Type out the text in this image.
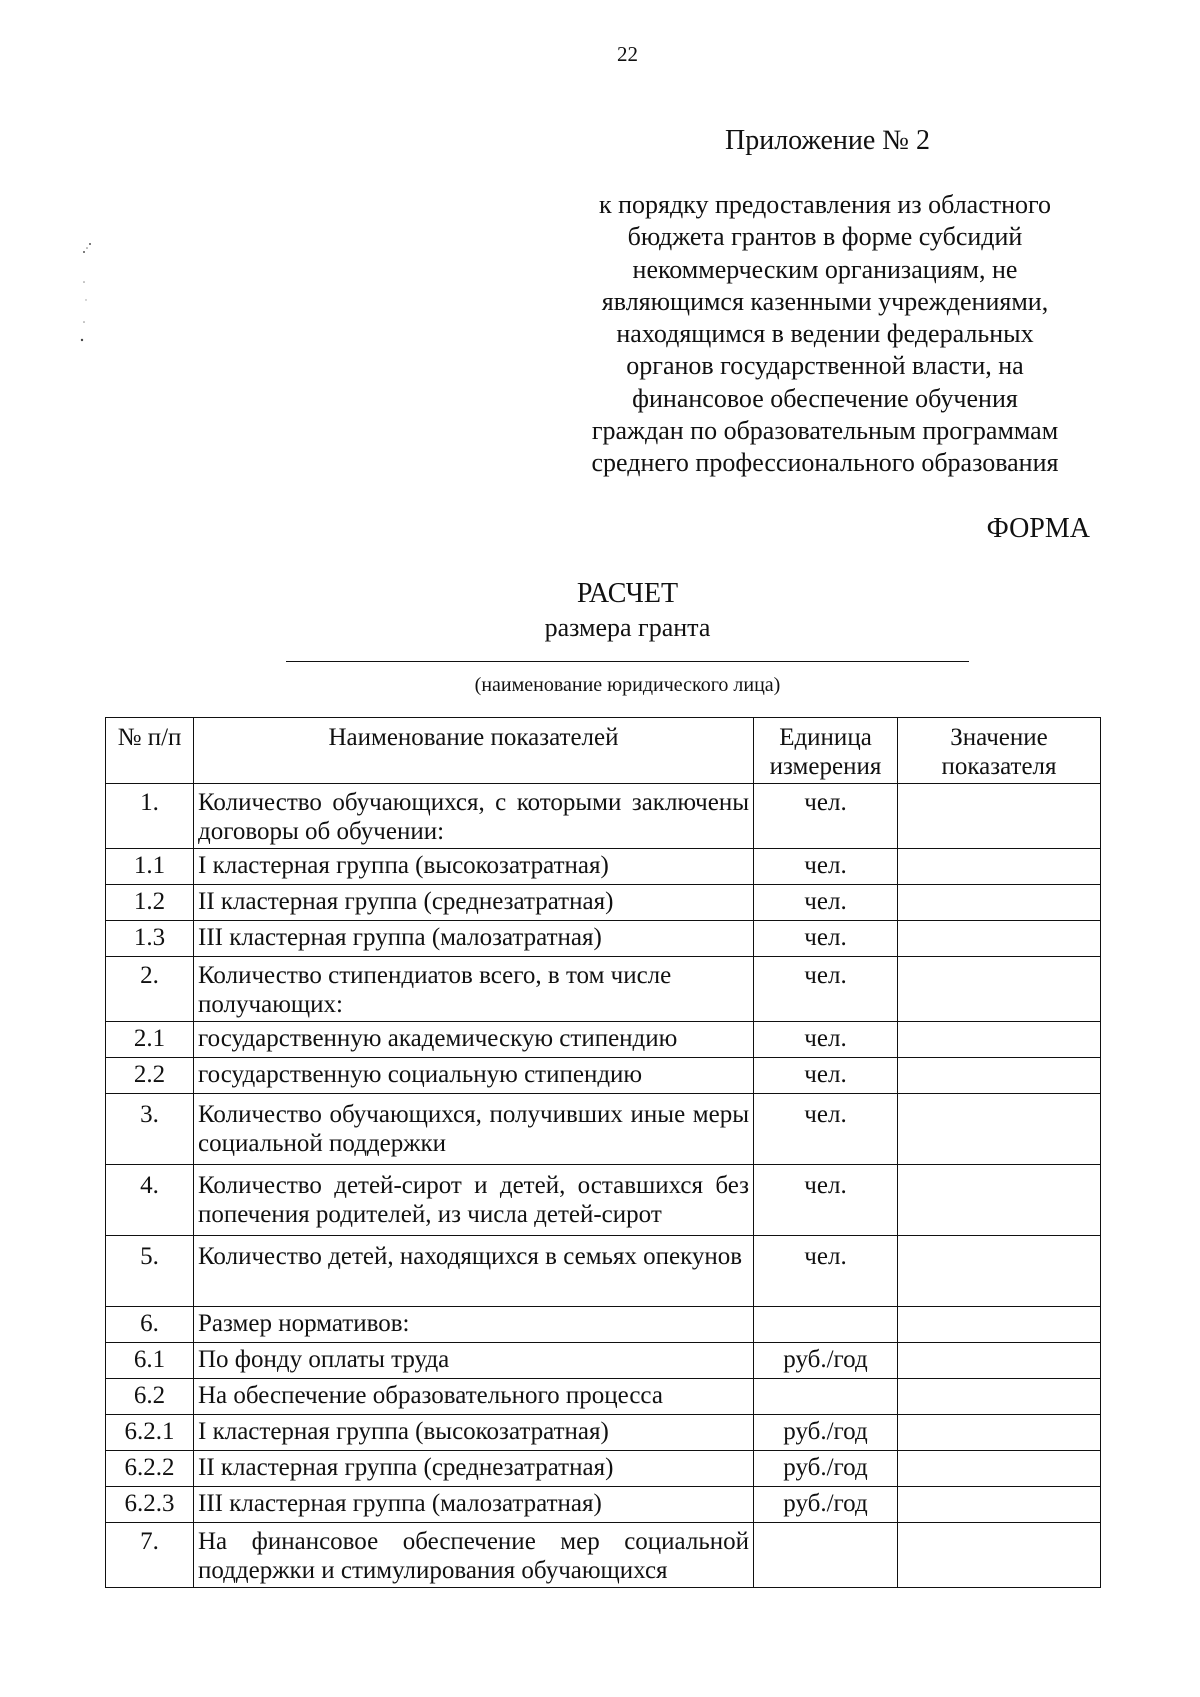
22
Приложение № 2
к порядку предоставления из областного
бюджета грантов в форме субсидий
некоммерческим организациям, не
являющимся казенными учреждениями,
находящимся в ведении федеральных
органов государственной власти, на
финансовое обеспечение обучения
граждан по образовательным программам
среднего профессионального образования
ФОРМА
РАСЧЕТ
размера гранта
(наименование юридического лица)
№ п/п	Наименование показателей	Единица измерения	Значение показателя
1.	Количество обучающихся, с которыми заключены договоры об обучении:	чел.	
1.1	I кластерная группа (высокозатратная)	чел.	
1.2	II кластерная группа (среднезатратная)	чел.	
1.3	III кластерная группа (малозатратная)	чел.	
2.	Количество стипендиатов всего, в том числе получающих:	чел.	
2.1	государственную академическую стипендию	чел.	
2.2	государственную социальную стипендию	чел.	
3.	Количество обучающихся, получивших иные меры социальной поддержки	чел.	
4.	Количество детей-сирот и детей, оставшихся без попечения родителей, из числа детей-сирот	чел.	
5.	Количество детей, находящихся в семьях опекунов	чел.	
6.	Размер нормативов:		
6.1	По фонду оплаты труда	руб./год	
6.2	На обеспечение образовательного процесса		
6.2.1	I кластерная группа (высокозатратная)	руб./год	
6.2.2	II кластерная группа (среднезатратная)	руб./год	
6.2.3	III кластерная группа (малозатратная)	руб./год	
7.	На финансовое обеспечение мер социальной поддержки и стимулирования обучающихся		
